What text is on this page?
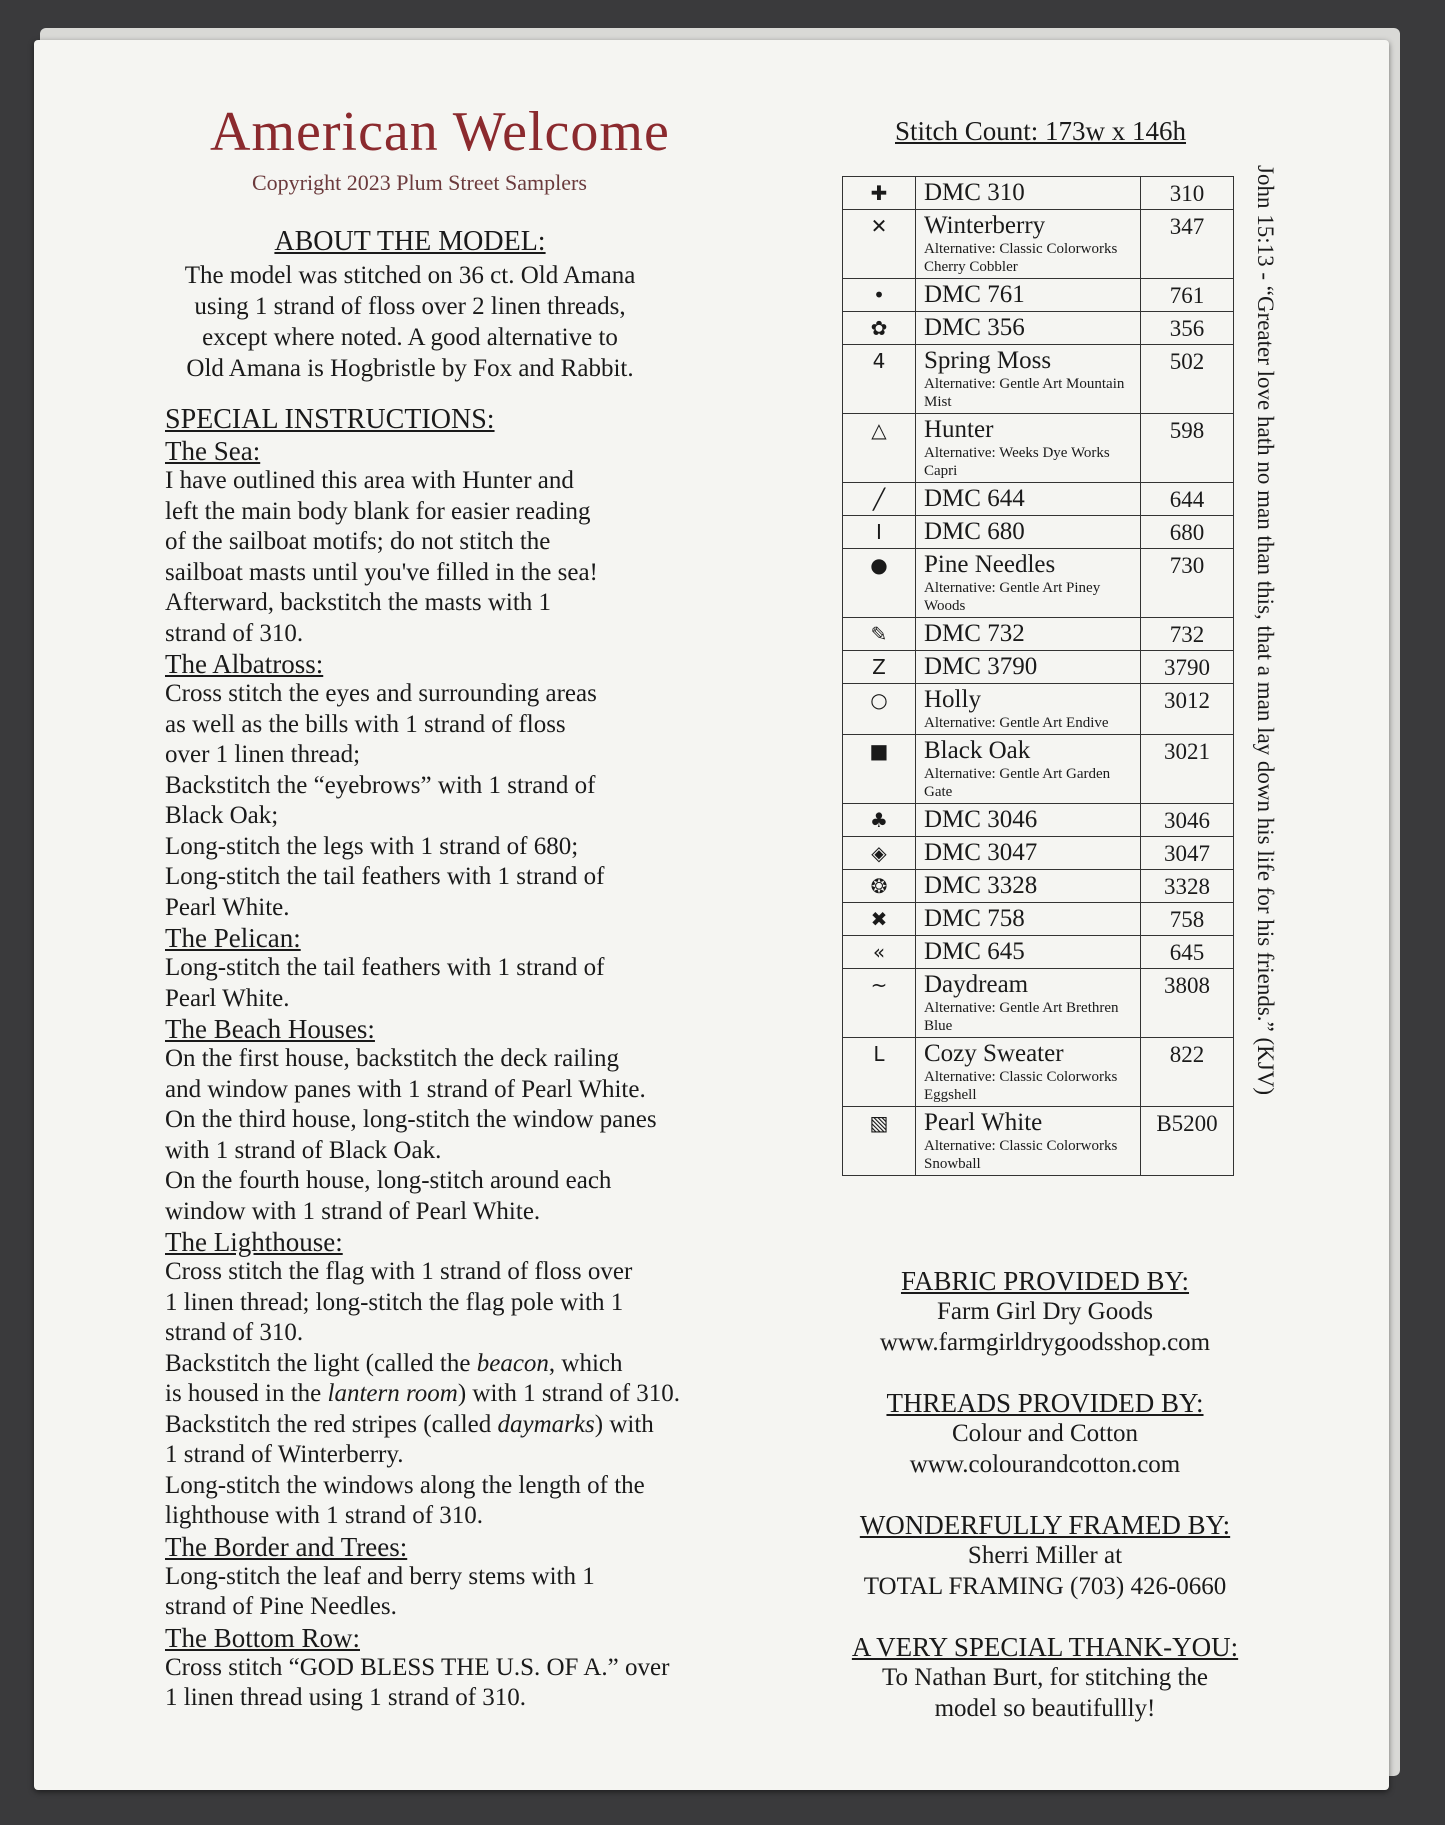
American Welcome
Copyright 2023 Plum Street Samplers
ABOUT THE MODEL:
The model was stitched on 36 ct. Old Amana
using 1 strand of floss over 2 linen threads,
except where noted. A good alternative to
Old Amana is Hogbristle by Fox and Rabbit.
SPECIAL INSTRUCTIONS:
The Sea:
I have outlined this area with Hunter and
left the main body blank for easier reading
of the sailboat motifs; do not stitch the
sailboat masts until you've filled in the sea!
Afterward, backstitch the masts with 1
strand of 310.
The Albatross:
Cross stitch the eyes and surrounding areas
as well as the bills with 1 strand of floss
over 1 linen thread;
Backstitch the “eyebrows” with 1 strand of
Black Oak;
Long-stitch the legs with 1 strand of 680;
Long-stitch the tail feathers with 1 strand of
Pearl White.
The Pelican:
Long-stitch the tail feathers with 1 strand of
Pearl White.
The Beach Houses:
On the first house, backstitch the deck railing
and window panes with 1 strand of Pearl White.
On the third house, long-stitch the window panes
with 1 strand of Black Oak.
On the fourth house, long-stitch around each
window with 1 strand of Pearl White.
The Lighthouse:
Cross stitch the flag with 1 strand of floss over
1 linen thread; long-stitch the flag pole with 1
strand of 310.
Backstitch the light (called the beacon, which
is housed in the lantern room) with 1 strand of 310.
Backstitch the red stripes (called daymarks) with
1 strand of Winterberry.
Long-stitch the windows along the length of the
lighthouse with 1 strand of 310.
The Border and Trees:
Long-stitch the leaf and berry stems with 1
strand of Pine Needles.
The Bottom Row:
Cross stitch “GOD BLESS THE U.S. OF A.” over
1 linen thread using 1 strand of 310.
Stitch Count: 173w x 146h
✚	DMC 310	310
✕	Winterberry
Alternative: Classic Colorworks Cherry Cobbler	347
•	DMC 761	761
✿	DMC 356	356
4	Spring Moss
Alternative: Gentle Art Mountain Mist	502
△	Hunter
Alternative: Weeks Dye Works Capri	598
╱	DMC 644	644
I	DMC 680	680
●	Pine Needles
Alternative: Gentle Art Piney Woods	730
✎	DMC 732	732
Z	DMC 3790	3790
○	Holly
Alternative: Gentle Art Endive	3012
■	Black Oak
Alternative: Gentle Art Garden Gate	3021
♣	DMC 3046	3046
◈	DMC 3047	3047
❂	DMC 3328	3328
✖	DMC 758	758
«	DMC 645	645
~	Daydream
Alternative: Gentle Art Brethren Blue	3808
L	Cozy Sweater
Alternative: Classic Colorworks Eggshell	822
▧	Pearl White
Alternative: Classic Colorworks Snowball	B5200
FABRIC PROVIDED BY:
Farm Girl Dry Goods
www.farmgirldrygoodsshop.com
THREADS PROVIDED BY:
Colour and Cotton
www.colourandcotton.com
WONDERFULLY FRAMED BY:
Sherri Miller at
TOTAL FRAMING (703) 426-0660
A VERY SPECIAL THANK-YOU:
To Nathan Burt, for stitching the
model so beautifullly!
John 15:13 - “Greater love hath no man than this, that a man lay down his life for his friends.” (KJV)
